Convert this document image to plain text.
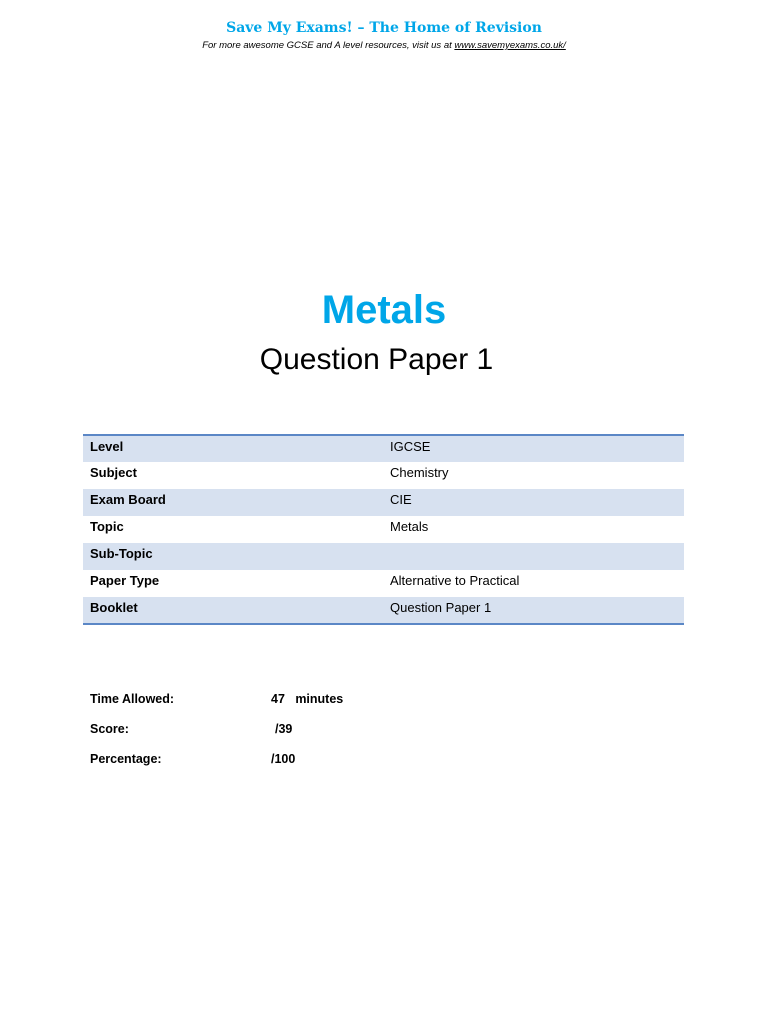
Save My Exams! – The Home of Revision
For more awesome GCSE and A level resources, visit us at www.savemyexams.co.uk/
Metals
Question Paper 1
Level	IGCSE
Subject	Chemistry
Exam Board	CIE
Topic	Metals
Sub-Topic	
Paper Type	Alternative to Practical
Booklet	Question Paper 1
Time Allowed:	47   minutes
Score:	/39
Percentage:	/100
